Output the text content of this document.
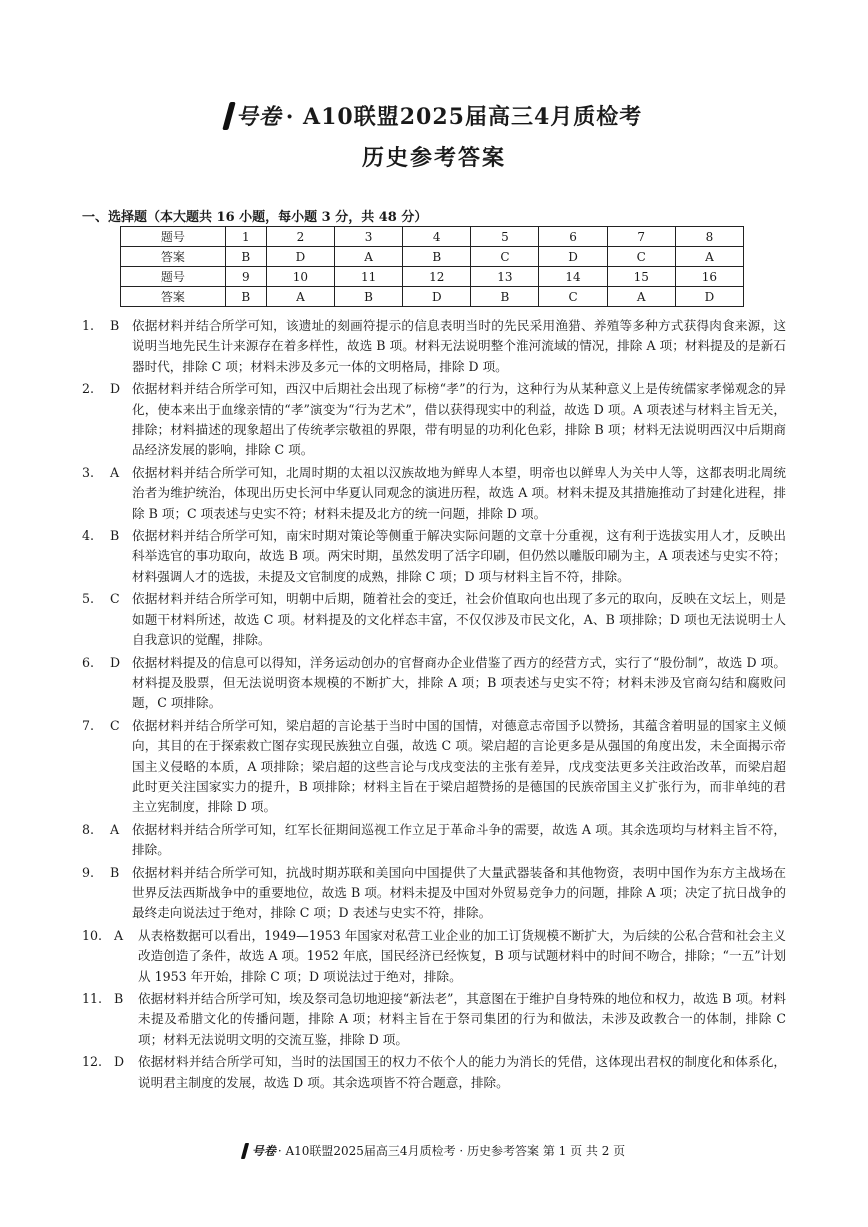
号卷 · A10联盟2025届高三4月质检考
历史参考答案
一、选择题（本大题共 16 小题，每小题 3 分，共 48 分）
题号	1	2	3	4	5	6	7	8
答案	B	D	A	B	C	D	C	A
题号	9	10	11	12	13	14	15	16
答案	B	A	B	D	B	C	A	D
1.	B	依据材料并结合所学可知，该遗址的刻画符提示的信息表明当时的先民采用渔猎、养殖等多种方式获得肉食来源，这说明当地先民生计来源存在着多样性，故选 B 项。材料无法说明整个淮河流域的情况，排除 A 项；材料提及的是新石器时代，排除 C 项；材料未涉及多元一体的文明格局，排除 D 项。
2.	D 依据材料并结合所学可知，西汉中后期社会出现了标榜“孝”的行为，这种行为从某种意义上是传统儒家孝悌观念的异化，使本来出于血缘亲情的“孝”演变为“行为艺术”，借以获得现实中的利益，故选 D 项。A 项表述与材料主旨无关，排除；材料描述的现象超出了传统孝宗敬祖的界限，带有明显的功利化色彩，排除 B 项；材料无法说明西汉中后期商品经济发展的影响，排除 C 项。
3.	A	依据材料并结合所学可知，北周时期的太祖以汉族故地为鲜卑人本望，明帝也以鲜卑人为关中人等，这都表明北周统治者为维护统治，体现出历史长河中华夏认同观念的演进历程，故选 A 项。材料未提及其措施推动了封建化进程，排除 B 项；C 项表述与史实不符；材料未提及北方的统一问题，排除 D 项。
4.	B	依据材料并结合所学可知，南宋时期对策论等侧重于解决实际问题的文章十分重视，这有利于选拔实用人才，反映出科举选官的事功取向，故选 B 项。两宋时期，虽然发明了活字印刷，但仍然以雕版印刷为主，A 项表述与史实不符；材料强调人才的选拔，未提及文官制度的成熟，排除 C 项；D 项与材料主旨不符，排除。
5.	C 依据材料并结合所学可知，明朝中后期，随着社会的变迁，社会价值取向也出现了多元的取向，反映在文坛上，则是如题干材料所述，故选 C 项。材料提及的文化样态丰富，不仅仅涉及市民文化，A、B 项排除；D 项也无法说明士人自我意识的觉醒，排除。
6.	D 依据材料提及的信息可以得知，洋务运动创办的官督商办企业借鉴了西方的经营方式，实行了“股份制”，故选 D 项。材料提及股票，但无法说明资本规模的不断扩大，排除 A 项；B 项表述与史实不符；材料未涉及官商勾结和腐败问题，C 项排除。
7.	C 依据材料并结合所学可知，梁启超的言论基于当时中国的国情，对德意志帝国予以赞扬，其蕴含着明显的国家主义倾向，其目的在于探索救亡图存实现民族独立自强，故选 C 项。梁启超的言论更多是从强国的角度出发，未全面揭示帝国主义侵略的本质，A 项排除；梁启超的这些言论与戊戌变法的主张有差异，戊戌变法更多关注政治改革，而梁启超此时更关注国家实力的提升，B 项排除；材料主旨在于梁启超赞扬的是德国的民族帝国主义扩张行为，而非单纯的君主立宪制度，排除 D 项。
8.	A	依据材料并结合所学可知，红军长征期间巡视工作立足于革命斗争的需要，故选 A 项。其余选项均与材料主旨不符，排除。
9.	B	依据材料并结合所学可知，抗战时期苏联和美国向中国提供了大量武器装备和其他物资，表明中国作为东方主战场在世界反法西斯战争中的重要地位，故选 B 项。材料未提及中国对外贸易竞争力的问题，排除 A 项；决定了抗日战争的最终走向说法过于绝对，排除 C 项；D 表述与史实不符，排除。
10. A	从表格数据可以看出，1949—1953 年国家对私营工业企业的加工订货规模不断扩大，为后续的公私合营和社会主义改造创造了条件，故选 A 项。1952 年底，国民经济已经恢复，B 项与试题材料中的时间不吻合，排除；“一五”计划从 1953 年开始，排除 C 项；D 项说法过于绝对，排除。
11. B	依据材料并结合所学可知，埃及祭司急切地迎接“新法老”，其意图在于维护自身特殊的地位和权力，故选 B 项。材料未提及希腊文化的传播问题，排除 A 项；材料主旨在于祭司集团的行为和做法，未涉及政教合一的体制，排除 C 项；材料无法说明文明的交流互鉴，排除 D 项。
12. D	依据材料并结合所学可知，当时的法国国王的权力不依个人的能力为消长的凭借，这体现出君权的制度化和体系化，说明君主制度的发展，故选 D 项。其余选项皆不符合题意，排除。
号卷 · A10联盟2025届高三4月质检考 · 历史参考答案 第 1 页 共 2 页
